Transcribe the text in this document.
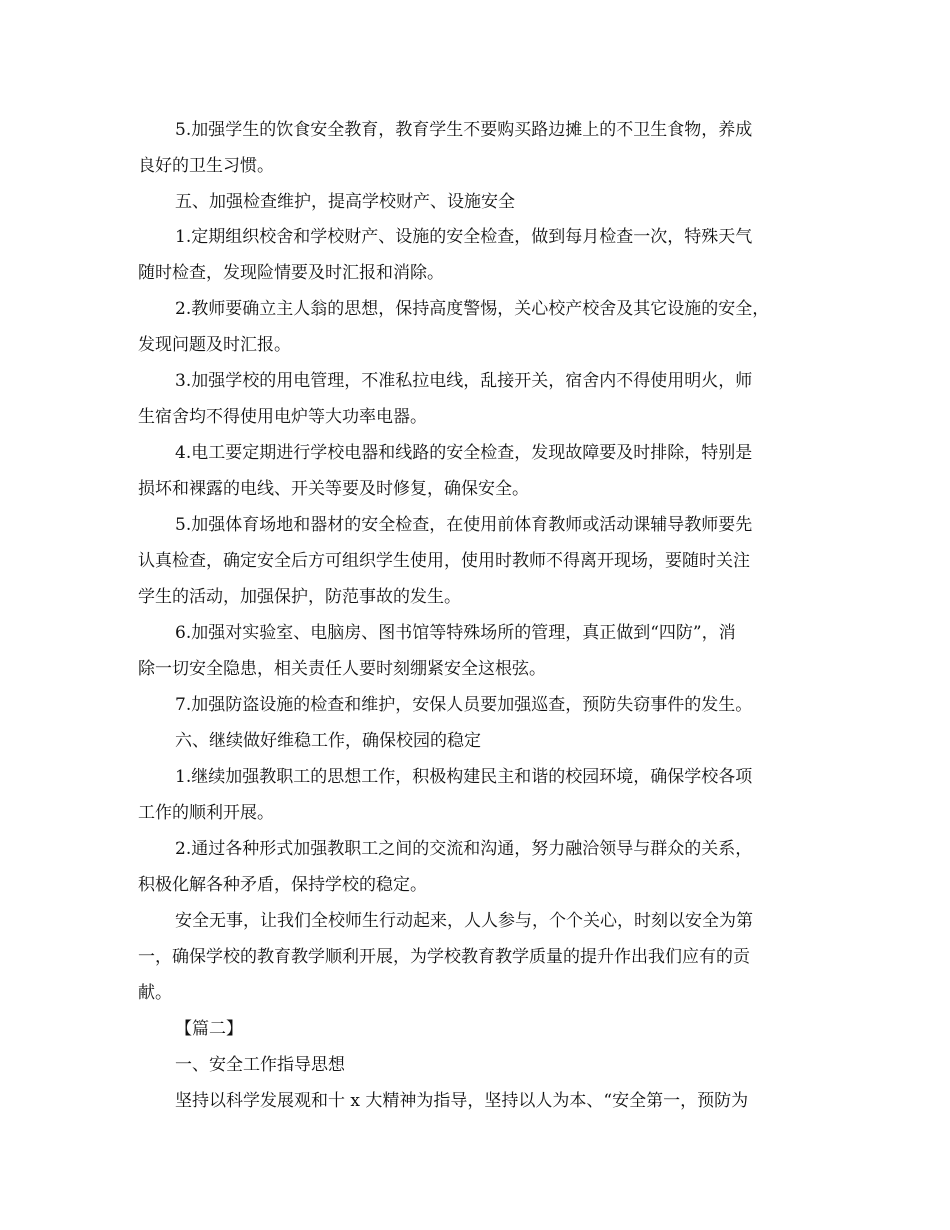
5.加强学生的饮食安全教育，教育学生不要购买路边摊上的不卫生食物，养成
良好的卫生习惯。
五、加强检查维护，提高学校财产、设施安全
1.定期组织校舍和学校财产、设施的安全检查，做到每月检查一次，特殊天气
随时检查，发现险情要及时汇报和消除。
2.教师要确立主人翁的思想，保持高度警惕，关心校产校舍及其它设施的安全，
发现问题及时汇报。
3.加强学校的用电管理，不准私拉电线，乱接开关，宿舍内不得使用明火，师
生宿舍均不得使用电炉等大功率电器。
4.电工要定期进行学校电器和线路的安全检查，发现故障要及时排除，特别是
损坏和裸露的电线、开关等要及时修复，确保安全。
5.加强体育场地和器材的安全检查，在使用前体育教师或活动课辅导教师要先
认真检查，确定安全后方可组织学生使用，使用时教师不得离开现场，要随时关注
学生的活动，加强保护，防范事故的发生。
6.加强对实验室、电脑房、图书馆等特殊场所的管理，真正做到“四防”，消
除一切安全隐患，相关责任人要时刻绷紧安全这根弦。
7.加强防盗设施的检查和维护，安保人员要加强巡查，预防失窃事件的发生。
六、继续做好维稳工作，确保校园的稳定
1.继续加强教职工的思想工作，积极构建民主和谐的校园环境，确保学校各项
工作的顺利开展。
2.通过各种形式加强教职工之间的交流和沟通，努力融洽领导与群众的关系，
积极化解各种矛盾，保持学校的稳定。
安全无事，让我们全校师生行动起来，人人参与，个个关心，时刻以安全为第
一，确保学校的教育教学顺利开展，为学校教育教学质量的提升作出我们应有的贡
献。
【篇二】
一、安全工作指导思想
坚持以科学发展观和十 x 大精神为指导，坚持以人为本、“安全第一，预防为
